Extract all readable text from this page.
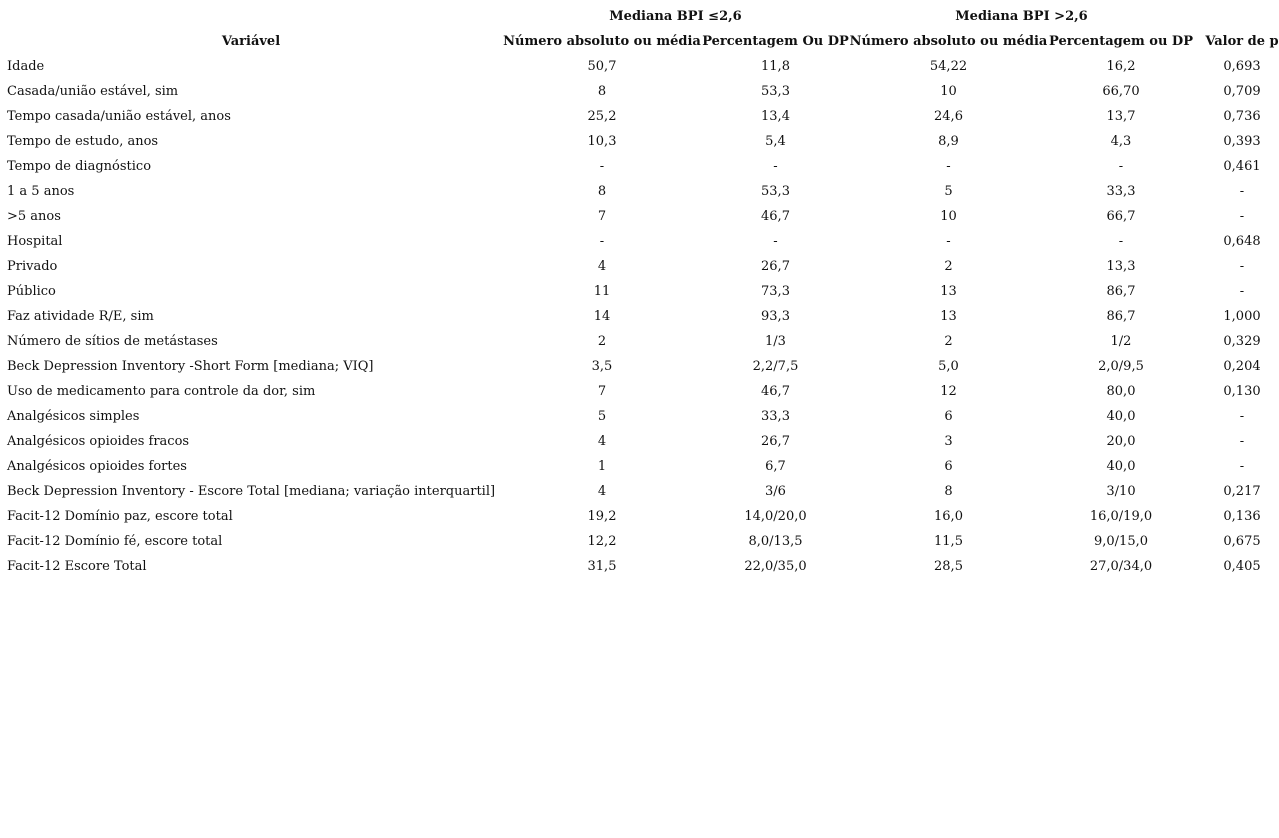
	Mediana BPI ≤2,6		Mediana BPI >2,6		
Variável	Número absoluto ou média	Percentagem Ou DP	Número absoluto ou média	Percentagem ou DP	Valor de p
Idade	50,7	11,8	54,22	16,2	0,693
Casada/união estável, sim	8	53,3	10	66,70	0,709
Tempo casada/união estável, anos	25,2	13,4	24,6	13,7	0,736
Tempo de estudo, anos	10,3	5,4	8,9	4,3	0,393
Tempo de diagnóstico	-	-	-	-	0,461
1 a 5 anos	8	53,3	5	33,3	-
>5 anos	7	46,7	10	66,7	-
Hospital	-	-	-	-	0,648
Privado	4	26,7	2	13,3	-
Público	11	73,3	13	86,7	-
Faz atividade R/E, sim	14	93,3	13	86,7	1,000
Número de sítios de metástases	2	1/3	2	1/2	0,329
Beck Depression Inventory -Short Form [mediana; VIQ]	3,5	2,2/7,5	5,0	2,0/9,5	0,204
Uso de medicamento para controle da dor, sim	7	46,7	12	80,0	0,130
Analgésicos simples	5	33,3	6	40,0	-
Analgésicos opioides fracos	4	26,7	3	20,0	-
Analgésicos opioides fortes	1	6,7	6	40,0	-
Beck Depression Inventory - Escore Total [mediana; variação interquartil]	4	3/6	8	3/10	0,217
Facit-12 Domínio paz, escore total	19,2	14,0/20,0	16,0	16,0/19,0	0,136
Facit-12 Domínio fé, escore total	12,2	8,0/13,5	11,5	9,0/15,0	0,675
Facit-12 Escore Total	31,5	22,0/35,0	28,5	27,0/34,0	0,405
